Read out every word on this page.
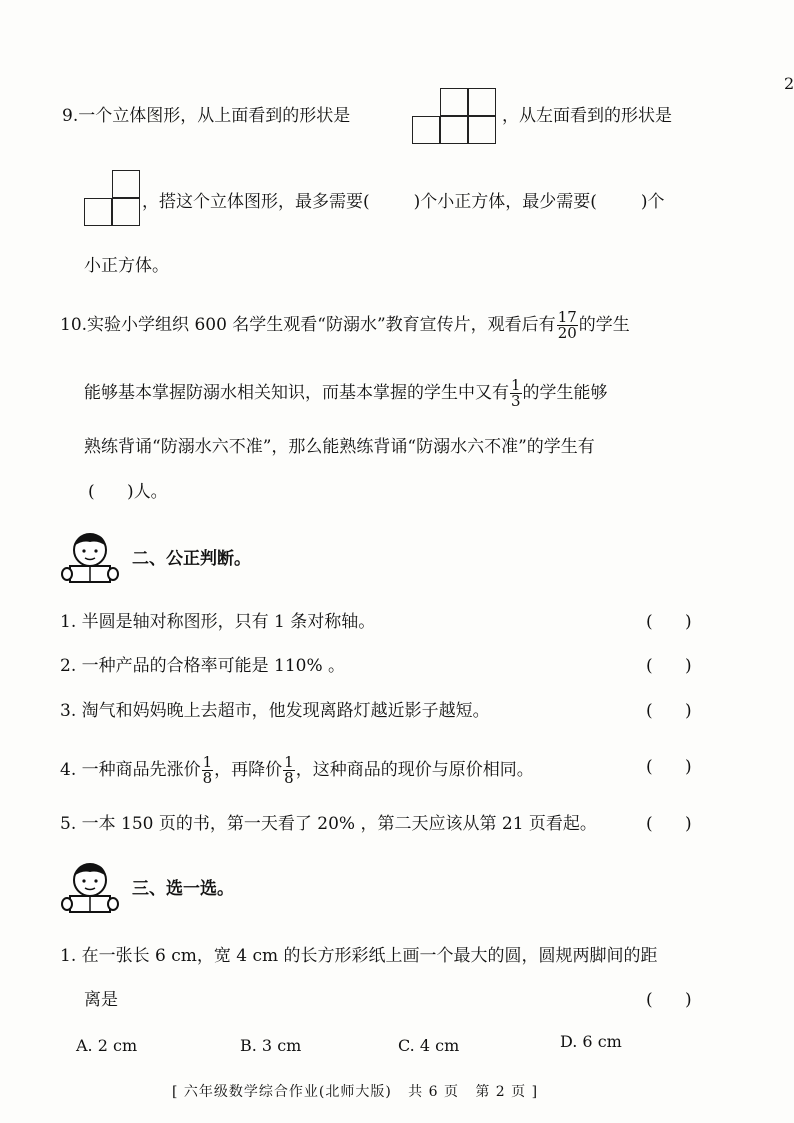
2
9.一个立体图形，从上面看到的形状是	，从左面看到的形状是
，搭这个立体图形，最多需要(	)个小正方体，最少需要(	)个
小正方体。
10.实验小学组织 600 名学生观看“防溺水”教育宣传片，观看后有 $\frac{17}{20}$ 的学生
能够基本掌握防溺水相关知识，而基本掌握的学生中又有 $\frac{1}{3}$ 的学生能够
熟练背诵“防溺水六不准”，那么能熟练背诵“防溺水六不准”的学生有
(      )人。
二、公正判断。
1. 半圆是轴对称图形，只有 1 条对称轴。	(      )
2. 一种产品的合格率可能是 110% 。	(      )
3. 淘气和妈妈晚上去超市，他发现离路灯越近影子越短。	(      )
4. 一种商品先涨价 $\frac{1}{8}$ ，再降价 $\frac{1}{8}$ ，这种商品的现价与原价相同。	(      )
5. 一本 150 页的书，第一天看了 20% ，第二天应该从第 21 页看起。	(      )
三、选一选。
1. 在一张长 6 cm，宽 4 cm 的长方形彩纸上画一个最大的圆，圆规两脚间的距
离是	(      )
A. 2 cm	B. 3 cm	C. 4 cm	D. 6 cm
[ 六年级数学综合作业(北师大版)   共 6 页   第 2 页 ]
